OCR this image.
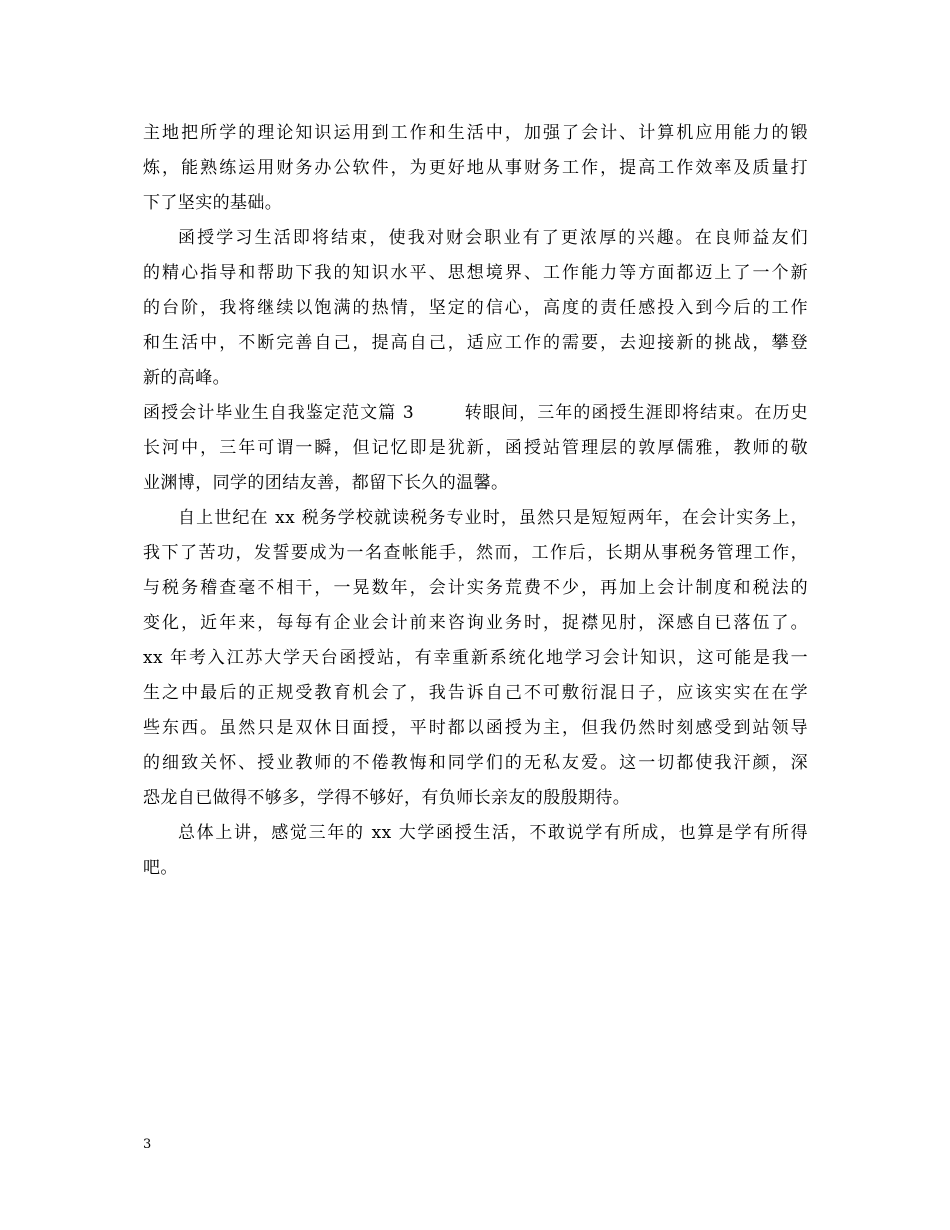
主地把所学的理论知识运用到工作和生活中，加强了会计、计算机应用能力的锻
炼，能熟练运用财务办公软件，为更好地从事财务工作，提高工作效率及质量打
下了坚实的基础。
函授学习生活即将结束，使我对财会职业有了更浓厚的兴趣。在良师益友们
的精心指导和帮助下我的知识水平、思想境界、工作能力等方面都迈上了一个新
的台阶，我将继续以饱满的热情，坚定的信心，高度的责任感投入到今后的工作
和生活中，不断完善自己，提高自己，适应工作的需要，去迎接新的挑战，攀登
新的高峰。
函授会计毕业生自我鉴定范文篇 3	转眼间，三年的函授生涯即将结束。在历史
长河中，三年可谓一瞬，但记忆即是犹新，函授站管理层的敦厚儒雅，教师的敬
业渊博，同学的团结友善，都留下长久的温馨。
自上世纪在 xx 税务学校就读税务专业时，虽然只是短短两年，在会计实务上，
我下了苦功，发誓要成为一名查帐能手，然而，工作后，长期从事税务管理工作，
与税务稽查毫不相干，一晃数年，会计实务荒费不少，再加上会计制度和税法的
变化，近年来，每每有企业会计前来咨询业务时，捉襟见肘，深感自已落伍了。
xx 年考入江苏大学天台函授站，有幸重新系统化地学习会计知识，这可能是我一
生之中最后的正规受教育机会了，我告诉自己不可敷衍混日子，应该实实在在学
些东西。虽然只是双休日面授，平时都以函授为主，但我仍然时刻感受到站领导
的细致关怀、授业教师的不倦教悔和同学们的无私友爱。这一切都使我汗颜，深
恐龙自已做得不够多，学得不够好，有负师长亲友的殷殷期待。
总体上讲，感觉三年的 xx 大学函授生活，不敢说学有所成，也算是学有所得
吧。
3
